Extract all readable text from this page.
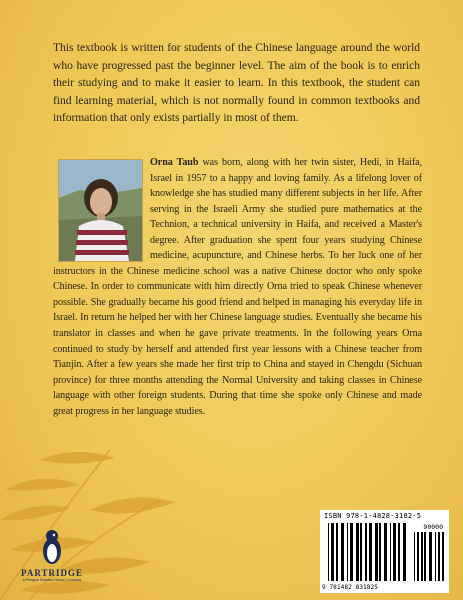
This textbook is written for students of the Chinese language around the world who have progressed past the beginner level. The aim of the book is to enrich their studying and to make it easier to learn. In this textbook, the student can find learning material, which is not normally found in common textbooks and information that only exists partially in most of them.

Orna Taub was born, along with her twin sister, Hedi, in Haifa, Israel in 1957 to a happy and loving family. As a lifelong lover of knowledge she has studied many different subjects in her life. After serving in the Israeli Army she studied pure mathematics at the Technion, a technical university in Haifa, and received a Master's degree. After graduation she spent four years studying Chinese medicine, acupuncture, and Chinese herbs. To her luck one of her instructors in the Chinese medicine school was a native Chinese doctor who only spoke Chinese. In order to communicate with him directly Orna tried to speak Chinese whenever possible. She gradually became his good friend and helped in managing his everyday life in Israel. In return he helped her with her Chinese language studies. Eventually she became his translator in classes and when he gave private treatments. In the following years Orna continued to study by herself and attended first year lessons with a Chinese teacher from Tianjin. After a few years she made her first trip to China and stayed in Chengdu (Sichuan province) for three months attending the Normal University and taking classes in Chinese language with other foreign students. During that time she spoke only Chinese and made great progress in her language studies.

PARTRIDGE
A Penguin Random House Company
ISBN 978-1-4828-3182-5
90000
9 781482 831825
